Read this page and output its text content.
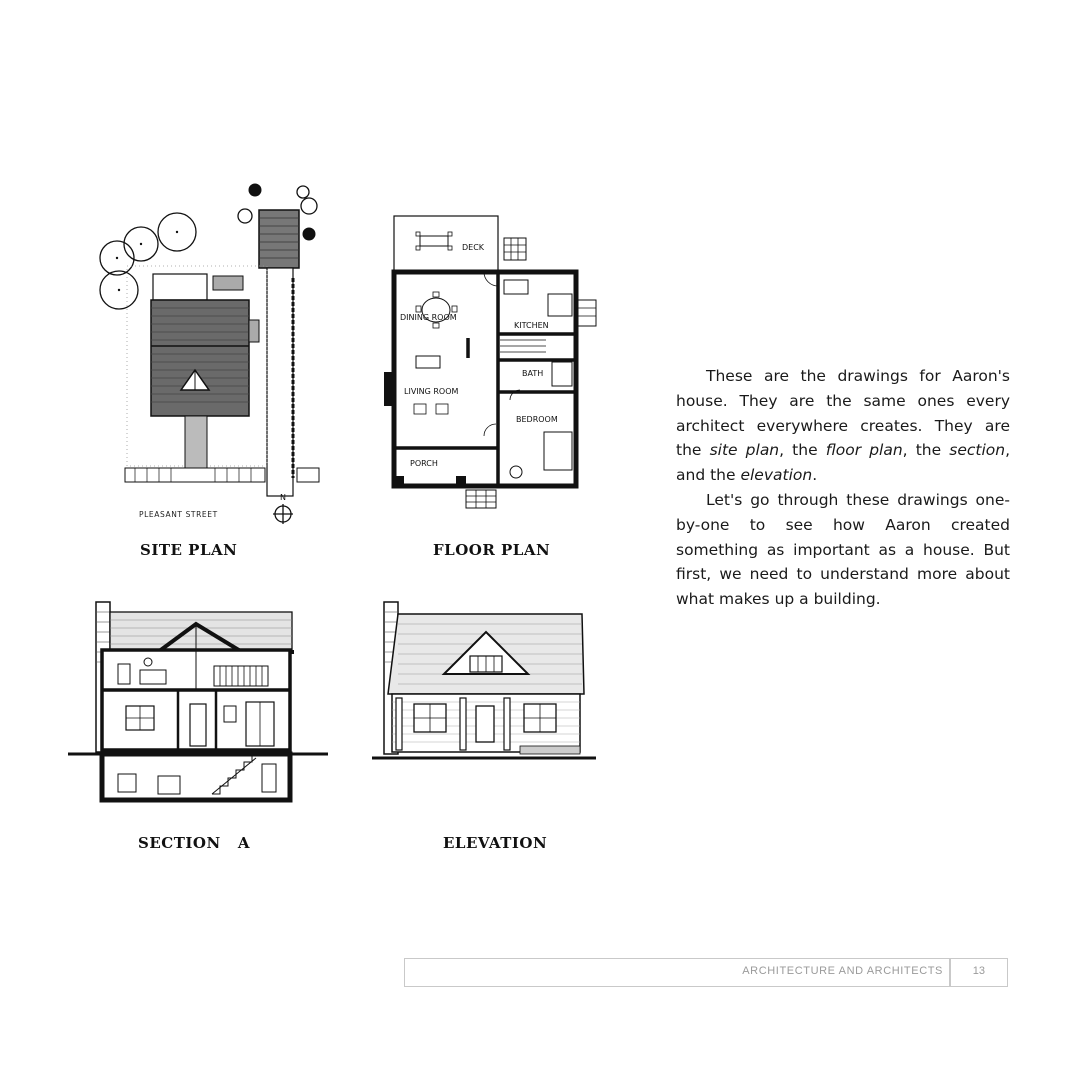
N
PLEASANT STREET
SITE PLAN
DECK
DINING ROOM
KITCHEN
BATH
BEDROOM
LIVING ROOM
PORCH
FLOOR PLAN
SECTION   A	ELEVATION

These are the drawings for Aaron's house. They are the same ones every architect everywhere creates. They are the site plan, the floor plan, the section, and the elevation.

Let's go through these drawings one-by-one to see how Aaron created something as important as a house. But first, we need to understand more about what makes up a building.

ARCHITECTURE AND ARCHITECTS	13
